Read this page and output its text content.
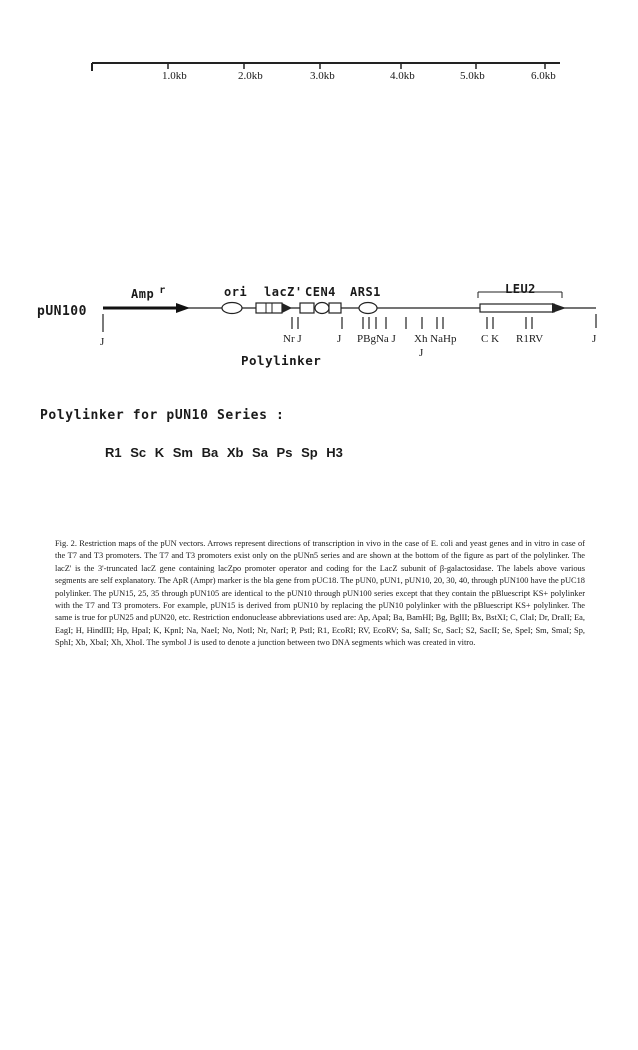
1.0kb	2.0kb	3.0kb	4.0kb	5.0kb	6.0kb
pUN100
Amp $^r$	ori lacZ' CEN4 ARS1	LEU2
J	Nr J	J PBgNa J Xh NaHp
J
C K R1RV	J
Polylinker
Polylinker for pUN10 Series :
R1 Sc K Sm Ba Xb Sa Ps Sp H3

Fig. 2. Restriction maps of the pUN vectors. Arrows represent directions of transcription in vivo in the case of E. coli and yeast genes and in vitro in case of the T7 and T3 promoters. The T7 and T3 promoters exist only on the pUNn5 series and are shown at the bottom of the figure as part of the polylinker. The lacZ' is the 3'-truncated lacZ gene containing lacZpo promoter operator and coding for the LacZ subunit of β-galactosidase. The labels above various segments are self explanatory. The ApR (Ampr) marker is the bla gene from pUC18. The pUN0, pUN1, pUN10, 20, 30, 40, through pUN100 have the pUC18 polylinker. The pUN15, 25, 35 through pUN105 are identical to the pUN10 through pUN100 series except that they contain the pBluescript KS+ polylinker with the T7 and T3 promoters. For example, pUN15 is derived from pUN10 by replacing the pUN10 polylinker with the pBluescript KS+ polylinker. The same is true for pUN25 and pUN20, etc. Restriction endonuclease abbreviations used are: Ap, ApaI; Ba, BamHI; Bg, BglII; Bx, BstXI; C, ClaI; Dr, DraII; Ea, EagI; H, HindIII; Hp, HpaI; K, KpnI; Na, NaeI; No, NotI; Nr, NarI; P, PstI; R1, EcoRI; RV, EcoRV; Sa, SalI; Sc, SacI; S2, SacII; Se, SpeI; Sm, SmaI; Sp, SphI; Xb, XbaI; Xh, XhoI. The symbol J is used to denote a junction between two DNA segments which was created in vitro.
